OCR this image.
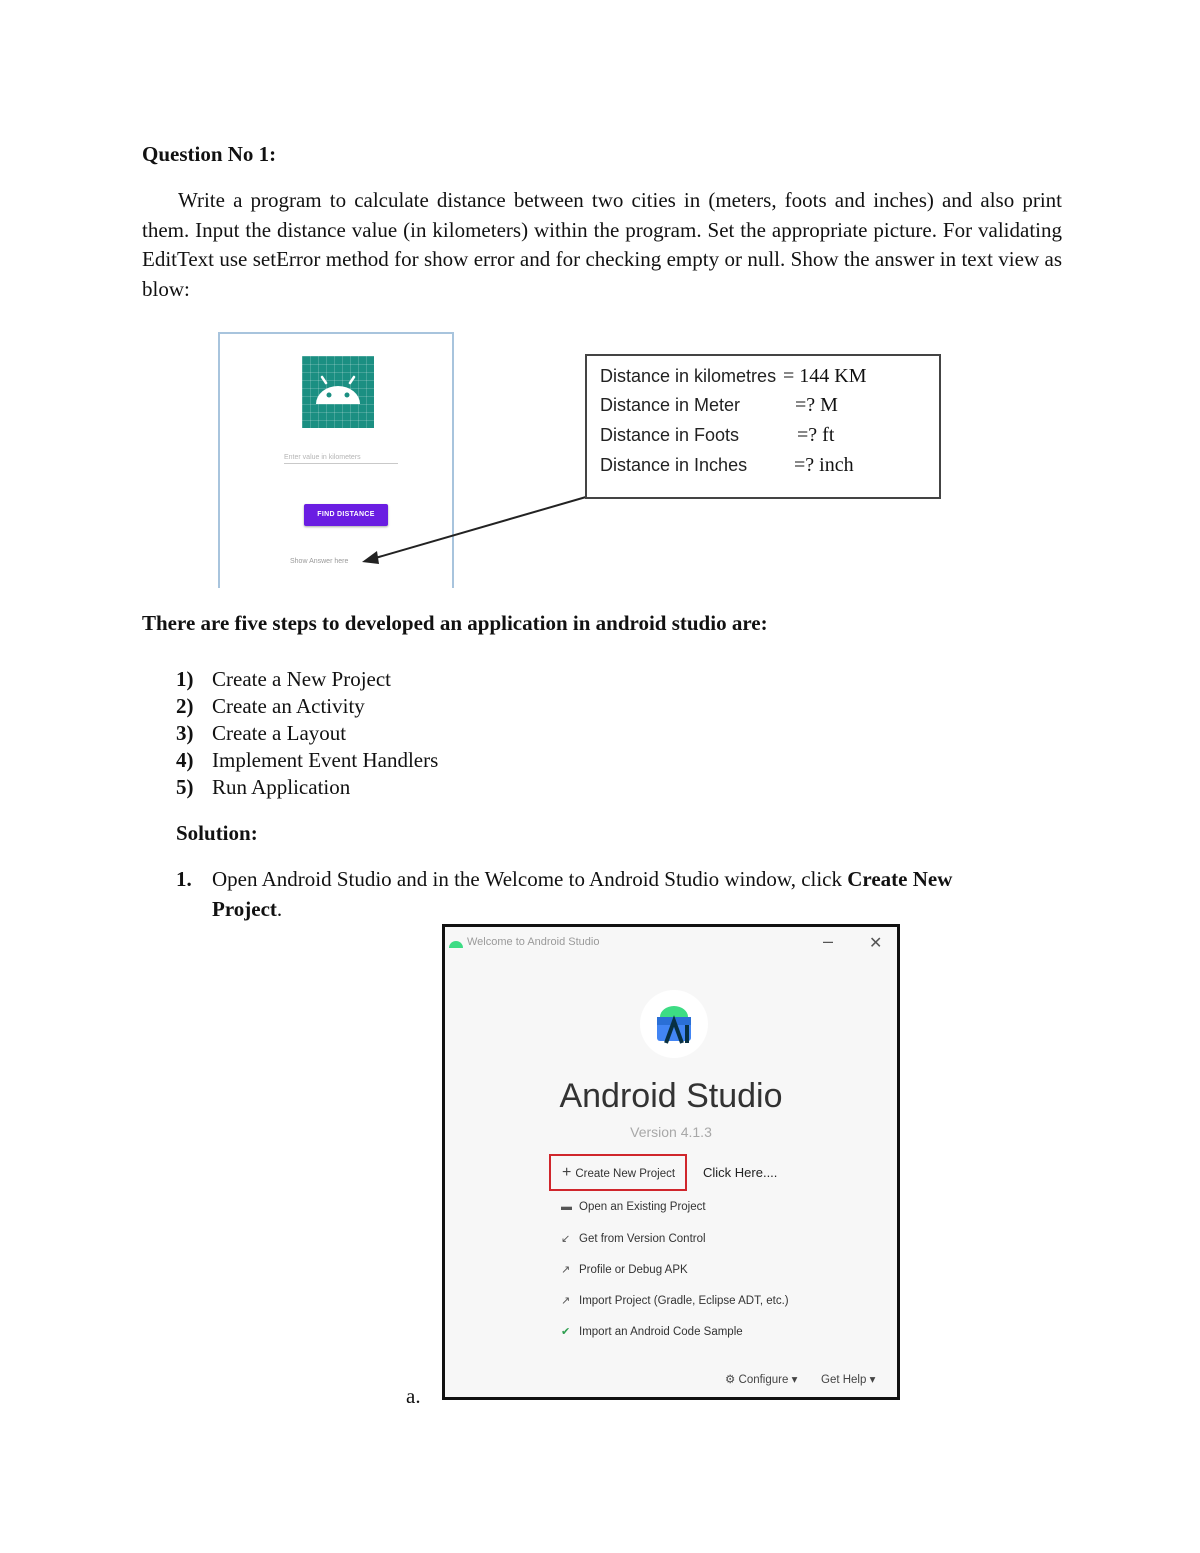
Question No 1:

Write a program to calculate distance between two cities in (meters, foots and inches) and also print them. Input the distance value (in kilometers) within the program. Set the appropriate picture. For validating EditText use setError method for show error and for checking empty or null. Show the answer in text view as blow:

Enter value in kilometers
FIND DISTANCE
Show Answer here
Distance in kilometres = 144 KM
Distance in Meter	=? M
Distance in Foots	=? ft
Distance in Inches =? inch
There are five steps to developed an application in android studio are:
1) Create a New Project
2) Create an Activity
3) Create a Layout
4) Implement Event Handlers
5) Run Application
Solution:
1. Open Android Studio and in the Welcome to Android Studio window, click Create New
Project.
a.
Welcome to Android Studio	– ✕
Android Studio
Version 4.1.3
+ Create New Project	Click Here....
▬ Open an Existing Project
↙ Get from Version Control
↗ Profile or Debug APK
↗ Import Project (Gradle, Eclipse ADT, etc.)
✔ Import an Android Code Sample
⚙ Configure ▾ Get Help ▾
